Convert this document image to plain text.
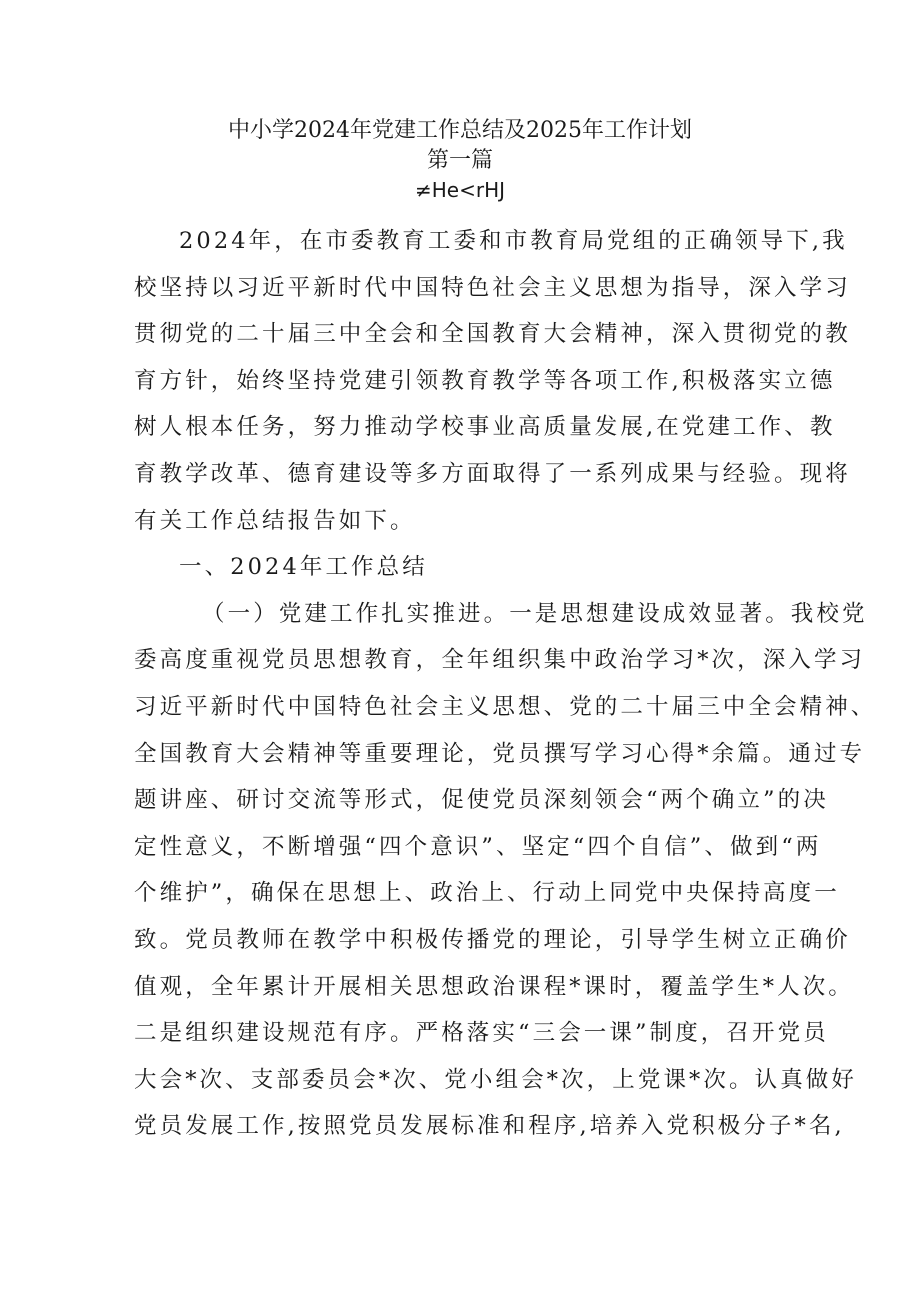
中小学2024年党建工作总结及2025年工作计划
第一篇
≠He<rHJ
2024年，在市委教育工委和市教育局党组的正确领导下,我
校坚持以习近平新时代中国特色社会主义思想为指导，深入学习
贯彻党的二十届三中全会和全国教育大会精神，深入贯彻党的教
育方针，始终坚持党建引领教育教学等各项工作,积极落实立德
树人根本任务，努力推动学校事业高质量发展,在党建工作、教
育教学改革、德育建设等多方面取得了一系列成果与经验。现将
有关工作总结报告如下。
一、2024年工作总结
（一）党建工作扎实推进。一是思想建设成效显著。我校党
委高度重视党员思想教育，全年组织集中政治学习*次，深入学习
习近平新时代中国特色社会主义思想、党的二十届三中全会精神、
全国教育大会精神等重要理论，党员撰写学习心得*余篇。通过专
题讲座、研讨交流等形式，促使党员深刻领会“两个确立”的决
定性意义，不断增强“四个意识”、坚定“四个自信”、做到“两
个维护”，确保在思想上、政治上、行动上同党中央保持高度一
致。党员教师在教学中积极传播党的理论，引导学生树立正确价
值观，全年累计开展相关思想政治课程*课时，覆盖学生*人次。
二是组织建设规范有序。严格落实“三会一课”制度，召开党员
大会*次、支部委员会*次、党小组会*次，上党课*次。认真做好
党员发展工作,按照党员发展标准和程序,培养入党积极分子*名,
